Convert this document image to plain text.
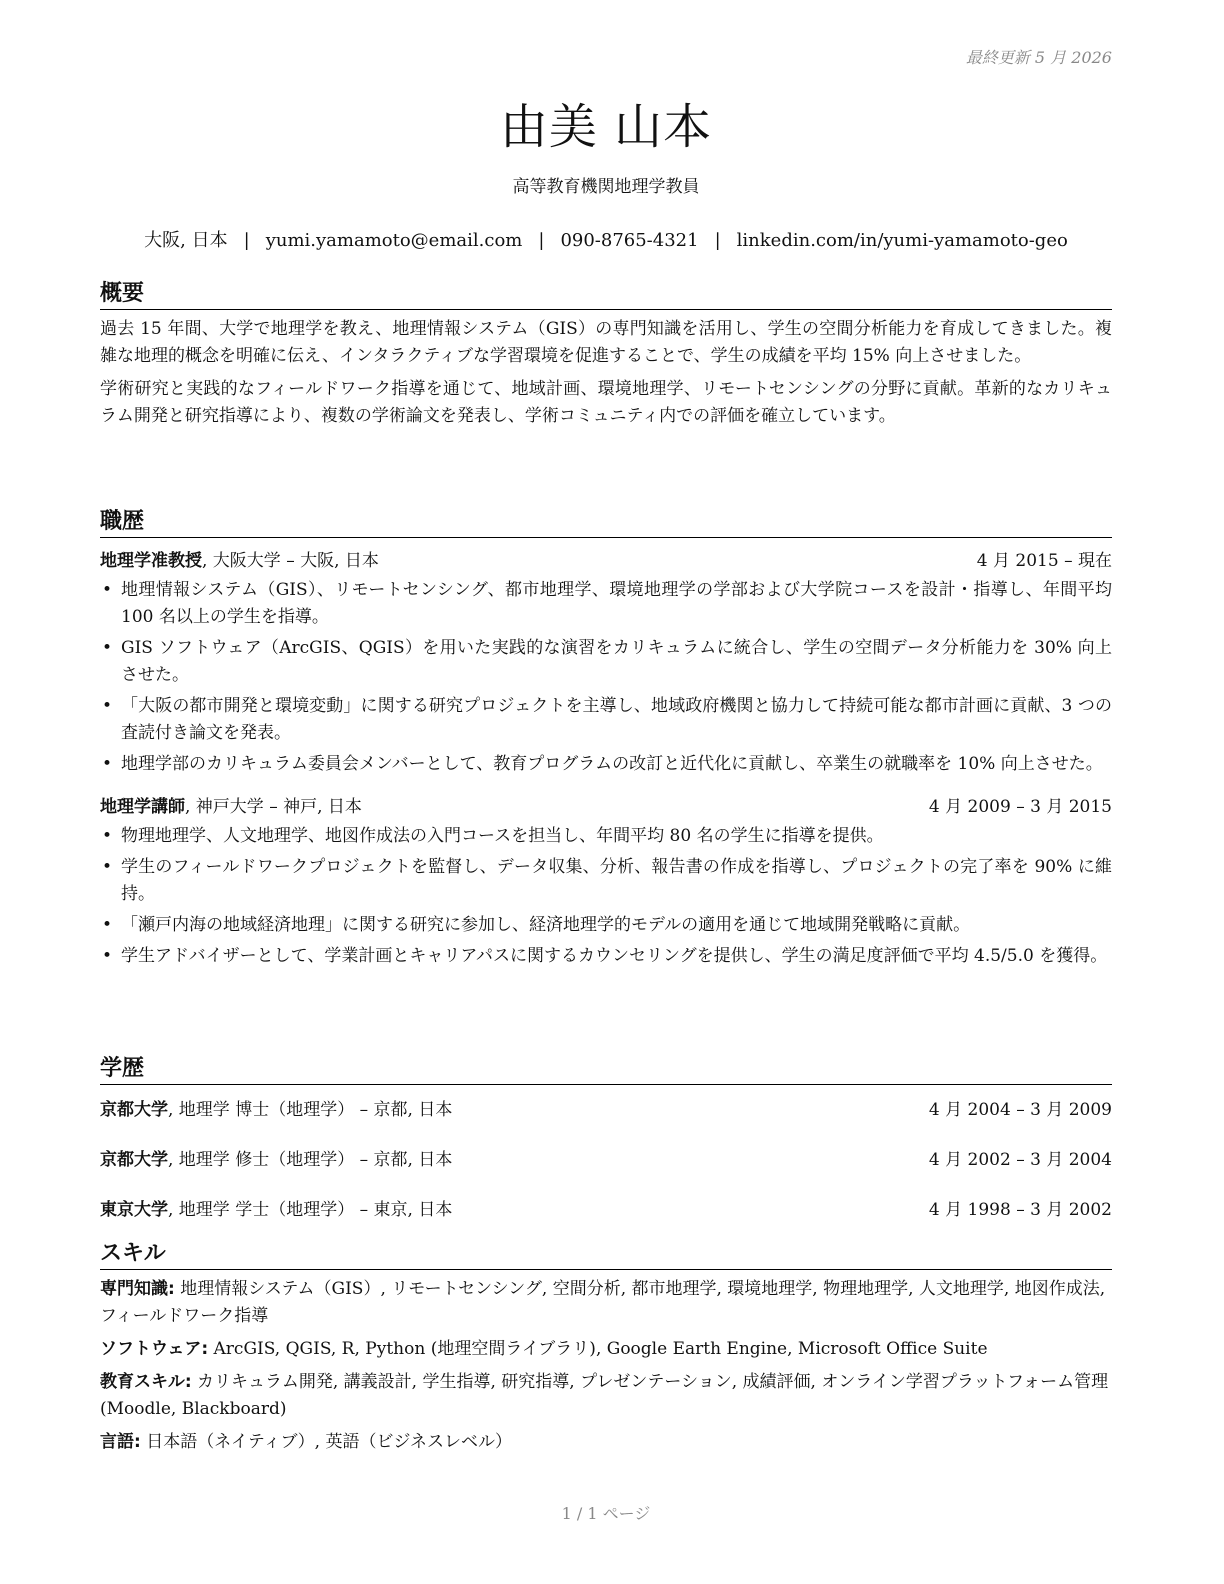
最終更新 5 月 2026
由美 山本
高等教育機関地理学教員
大阪, 日本 | yumi.yamamoto@email.com | 090-8765-4321 | linkedin.com/in/yumi-yamamoto-geo
概要

過去 15 年間、大学で地理学を教え、地理情報システム（GIS）の専門知識を活用し、学生の空間分析能力を育成してきました。複雑な地理的概念を明確に伝え、インタラクティブな学習環境を促進することで、学生の成績を平均 15% 向上させました。

学術研究と実践的なフィールドワーク指導を通じて、地域計画、環境地理学、リモートセンシングの分野に貢献。革新的なカリキュラム開発と研究指導により、複数の学術論文を発表し、学術コミュニティ内での評価を確立しています。

職歴
地理学准教授, 大阪大学 – 大阪, 日本	4 月 2015 – 現在
• 地理情報システム（GIS）、リモートセンシング、都市地理学、環境地理学の学部および大学院コースを設計・指導し、年間平均 100 名以上の学生を指導。
• GIS ソフトウェア（ArcGIS、QGIS）を用いた実践的な演習をカリキュラムに統合し、学生の空間データ分析能力を 30% 向上させた。
• 「大阪の都市開発と環境変動」に関する研究プロジェクトを主導し、地域政府機関と協力して持続可能な都市計画に貢献、3 つの査読付き論文を発表。
• 地理学部のカリキュラム委員会メンバーとして、教育プログラムの改訂と近代化に貢献し、卒業生の就職率を 10% 向上させた。
地理学講師, 神戸大学 – 神戸, 日本	4 月 2009 – 3 月 2015
• 物理地理学、人文地理学、地図作成法の入門コースを担当し、年間平均 80 名の学生に指導を提供。
• 学生のフィールドワークプロジェクトを監督し、データ収集、分析、報告書の作成を指導し、プロジェクトの完了率を 90% に維持。
• 「瀬戸内海の地域経済地理」に関する研究に参加し、経済地理学的モデルの適用を通じて地域開発戦略に貢献。
• 学生アドバイザーとして、学業計画とキャリアパスに関するカウンセリングを提供し、学生の満足度評価で平均 4.5/5.0 を獲得。
学歴
京都大学, 地理学 博士（地理学） – 京都, 日本	4 月 2004 – 3 月 2009
京都大学, 地理学 修士（地理学） – 京都, 日本	4 月 2002 – 3 月 2004
東京大学, 地理学 学士（地理学） – 東京, 日本	4 月 1998 – 3 月 2002
スキル
専門知識: 地理情報システム（GIS）, リモートセンシング, 空間分析, 都市地理学, 環境地理学, 物理地理学, 人文地理学, 地図作成法, フィールドワーク指導
ソフトウェア: ArcGIS, QGIS, R, Python (地理空間ライブラリ), Google Earth Engine, Microsoft Office Suite
教育スキル: カリキュラム開発, 講義設計, 学生指導, 研究指導, プレゼンテーション, 成績評価, オンライン学習プラットフォーム管理 (Moodle, Blackboard)
言語: 日本語（ネイティブ）, 英語（ビジネスレベル）
1 / 1 ページ
